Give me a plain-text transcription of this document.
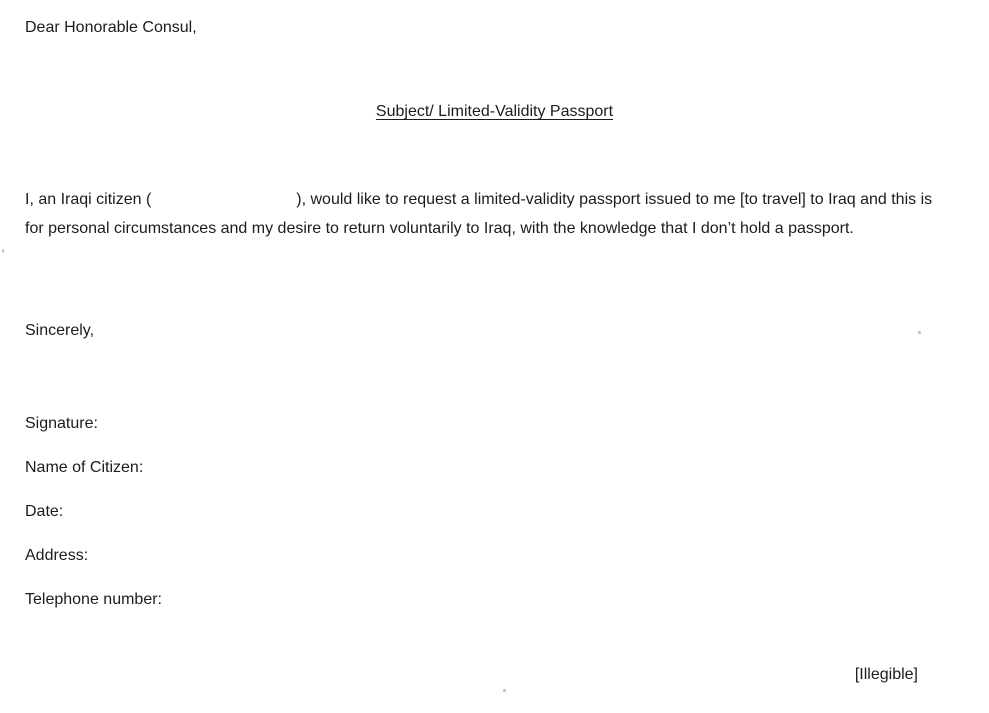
Dear Honorable Consul,
Subject/ Limited-Validity Passport
I, an Iraqi citizen (	), would like to request a limited-validity passport issued to me [to travel] to Iraq and this is for personal circumstances and my desire to return voluntarily to Iraq, with the knowledge that I don’t hold a passport.
Sincerely,
Signature:
Name of Citizen:
Date:
Address:
Telephone number:
[Illegible]
